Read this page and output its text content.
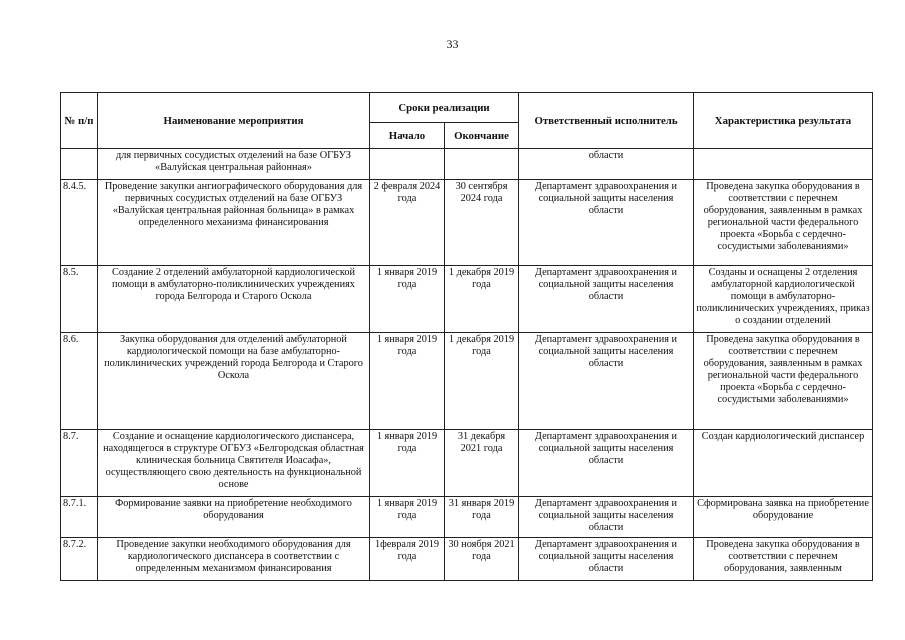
33
№ п/п	Наименование мероприятия	Сроки реализации		Ответственный исполнитель	Характеристика результата
		Начало	Окончание		
	для первичных сосудистых отделений на базе ОГБУЗ «Валуйская центральная районная»			области	
8.4.5.	Проведение закупки ангиографического оборудования для первичных сосудистых отделений на базе ОГБУЗ «Валуйская центральная районная больница» в рамках определенного механизма финансирования	2 февраля 2024 года	30 сентября 2024 года	Департамент здравоохранения и социальной защиты населения области	Проведена закупка оборудования в соответствии с перечнем оборудования, заявленным в рамках региональной части федерального проекта «Борьба с сердечно-сосудистыми заболеваниями»
8.5.	Создание 2 отделений амбулаторной кардиологической помощи в амбулаторно-поликлинических учреждениях города Белгорода и Старого Оскола	1 января 2019 года	1 декабря 2019 года	Департамент здравоохранения и социальной защиты населения области	Созданы и оснащены 2 отделения амбулаторной кардиологической помощи в амбулаторно-поликлинических учреждениях, приказ о создании отделений
8.6.	Закупка оборудования для отделений амбулаторной кардиологической помощи на базе амбулаторно-поликлинических учреждений города Белгорода и Старого Оскола	1 января 2019 года	1 декабря 2019 года	Департамент здравоохранения и социальной защиты населения области	Проведена закупка оборудования в соответствии с перечнем оборудования, заявленным в рамках региональной части федерального проекта «Борьба с сердечно-сосудистыми заболеваниями»
8.7.	Создание и оснащение кардиологического диспансера, находящегося в структуре ОГБУЗ «Белгородская областная клиническая больница Святителя Иоасафа», осуществляющего свою деятельность на функциональной основе	1 января 2019 года	31 декабря 2021 года	Департамент здравоохранения и социальной защиты населения области	Создан кардиологический диспансер
8.7.1.	Формирование заявки на приобретение необходимого оборудования	1 января 2019 года	31 января 2019 года	Департамент здравоохранения и социальной защиты населения области	Сформирована заявка на приобретение оборудование
8.7.2.	Проведение закупки необходимого оборудования для кардиологического диспансера в соответствии с определенным механизмом финансирования	1февраля 2019 года	30 ноября 2021 года	Департамент здравоохранения и социальной защиты населения области	Проведена закупка оборудования в соответствии с перечнем оборудования, заявленным
